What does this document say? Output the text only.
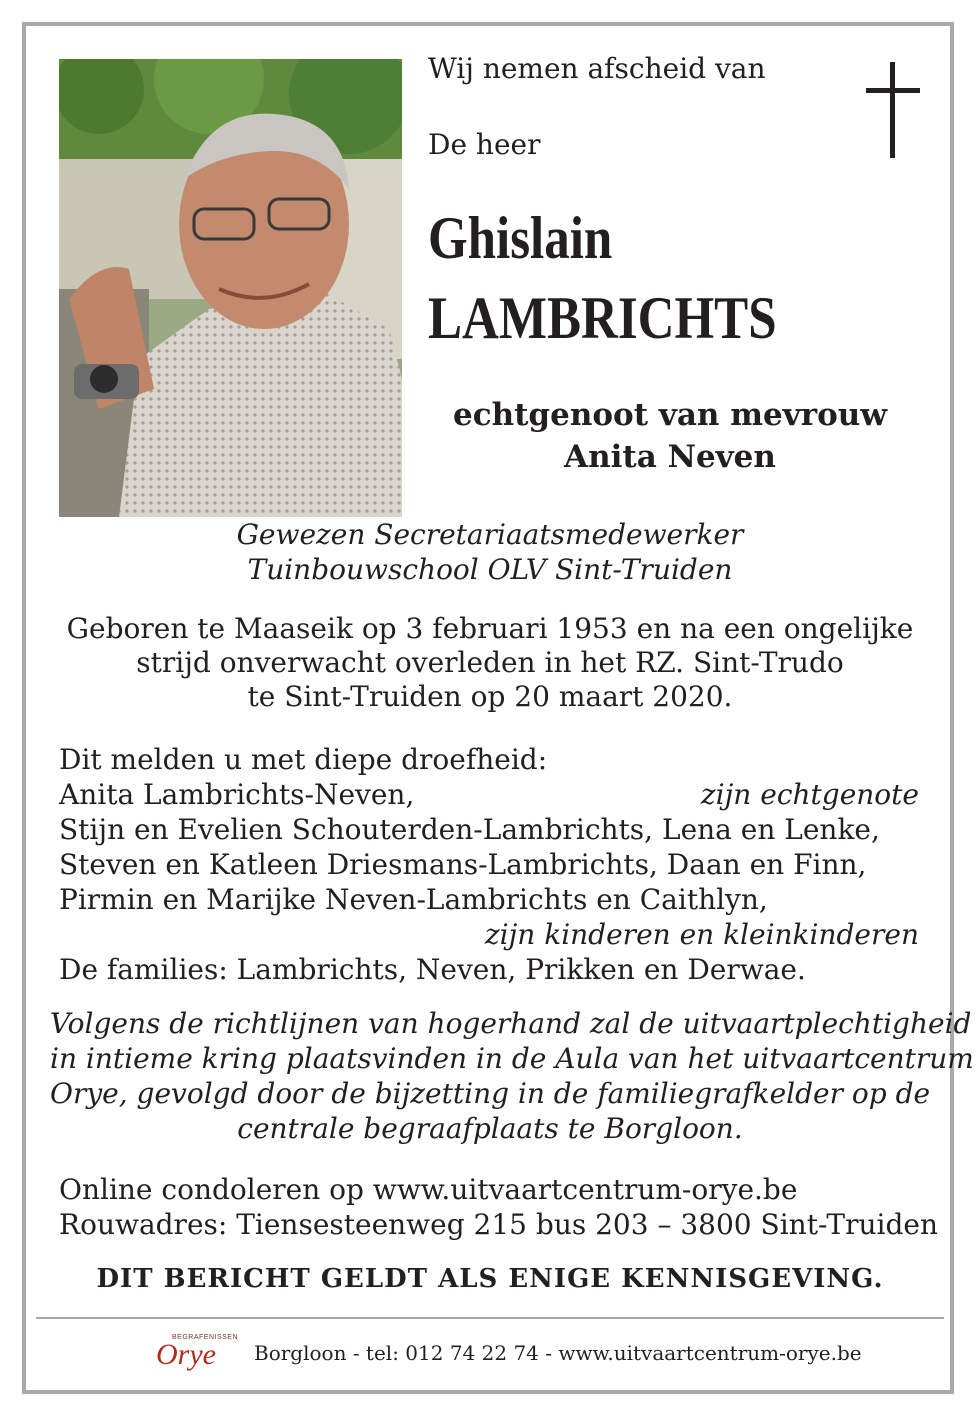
Wij nemen afscheid van
De heer
Ghislain
LAMBRICHTS
echtgenoot van mevrouw
Anita Neven
Gewezen Secretariaatsmedewerker
Tuinbouwschool OLV Sint-Truiden
Geboren te Maaseik op 3 februari 1953 en na een ongelijke
strijd onverwacht overleden in het RZ. Sint-Trudo
te Sint-Truiden op 20 maart 2020.
Dit melden u met diepe droefheid:
Anita Lambrichts-Neven,	zijn echtgenote
Stijn en Evelien Schouterden-Lambrichts, Lena en Lenke,
Steven en Katleen Driesmans-Lambrichts, Daan en Finn,
Pirmin en Marijke Neven-Lambrichts en Caithlyn,
zijn kinderen en kleinkinderen
De families: Lambrichts, Neven, Prikken en Derwae.
Volgens de richtlijnen van hogerhand zal de uitvaartplechtigheid
in intieme kring plaatsvinden in de Aula van het uitvaartcentrum
Orye, gevolgd door de bijzetting in de familiegrafkelder op de
centrale begraafplaats te Borgloon.
Online condoleren op www.uitvaartcentrum-orye.be
Rouwadres: Tiensesteenweg 215 bus 203 – 3800 Sint-Truiden
DIT BERICHT GELDT ALS ENIGE KENNISGEVING.
Orye
BEGRAFENISSEN
Borgloon - tel: 012 74 22 74 - www.uitvaartcentrum-orye.be
